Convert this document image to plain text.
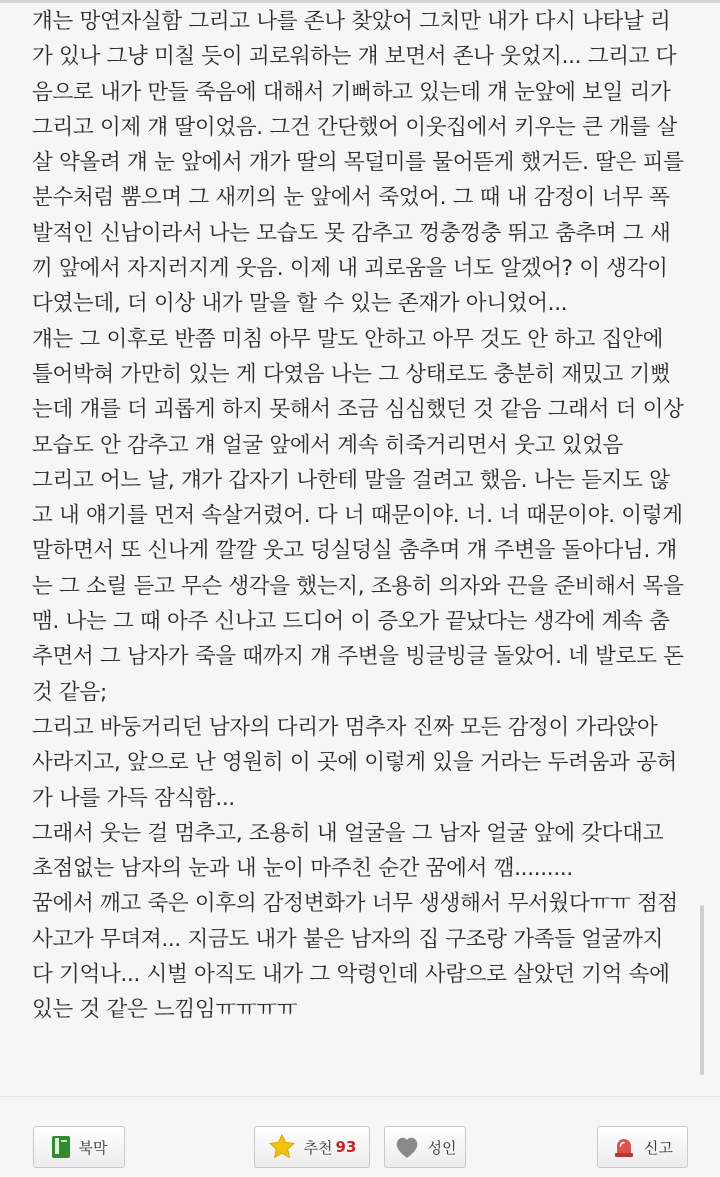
걔는 망연자실함 그리고 나를 존나 찾았어 그치만 내가 다시 나타날 리
가 있나 그냥 미칠 듯이 괴로워하는 걔 보면서 존나 웃었지... 그리고 다
음으로 내가 만들 죽음에 대해서 기뻐하고 있는데 걔 눈앞에 보일 리가
그리고 이제 걔 딸이었음. 그건 간단했어 이웃집에서 키우는 큰 개를 살
살 약올려 걔 눈 앞에서 개가 딸의 목덜미를 물어뜯게 했거든. 딸은 피를
분수처럼 뿜으며 그 새끼의 눈 앞에서 죽었어. 그 때 내 감정이 너무 폭
발적인 신남이라서 나는 모습도 못 감추고 껑충껑충 뛰고 춤추며 그 새
끼 앞에서 자지러지게 웃음. 이제 내 괴로움을 너도 알겠어? 이 생각이
다였는데, 더 이상 내가 말을 할 수 있는 존재가 아니었어...
걔는 그 이후로 반쯤 미침 아무 말도 안하고 아무 것도 안 하고 집안에
틀어박혀 가만히 있는 게 다였음 나는 그 상태로도 충분히 재밌고 기뻤
는데 걔를 더 괴롭게 하지 못해서 조금 심심했던 것 같음 그래서 더 이상
모습도 안 감추고 걔 얼굴 앞에서 계속 히죽거리면서 웃고 있었음
그리고 어느 날, 걔가 갑자기 나한테 말을 걸려고 했음. 나는 듣지도 않
고 내 얘기를 먼저 속살거렸어. 다 너 때문이야. 너. 너 때문이야. 이렇게
말하면서 또 신나게 깔깔 웃고 덩실덩실 춤추며 걔 주변을 돌아다님. 걔
는 그 소릴 듣고 무슨 생각을 했는지, 조용히 의자와 끈을 준비해서 목을
맴. 나는 그 때 아주 신나고 드디어 이 증오가 끝났다는 생각에 계속 춤
추면서 그 남자가 죽을 때까지 걔 주변을 빙글빙글 돌았어. 네 발로도 돈
것 같음;
그리고 바둥거리던 남자의 다리가 멈추자 진짜 모든 감정이 가라앉아
사라지고, 앞으로 난 영원히 이 곳에 이렇게 있을 거라는 두려움과 공허
가 나를 가득 잠식함...
그래서 웃는 걸 멈추고, 조용히 내 얼굴을 그 남자 얼굴 앞에 갖다대고
초점없는 남자의 눈과 내 눈이 마주친 순간 꿈에서 깸.........
꿈에서 깨고 죽은 이후의 감정변화가 너무 생생해서 무서웠다ㅠㅠ 점점
사고가 무뎌져... 지금도 내가 붙은 남자의 집 구조랑 가족들 얼굴까지
다 기억나... 시벌 아직도 내가 그 악령인데 사람으로 살았던 기억 속에
있는 것 같은 느낌임ㅠㅠㅠㅠ
북막	추천 93	성인	신고
